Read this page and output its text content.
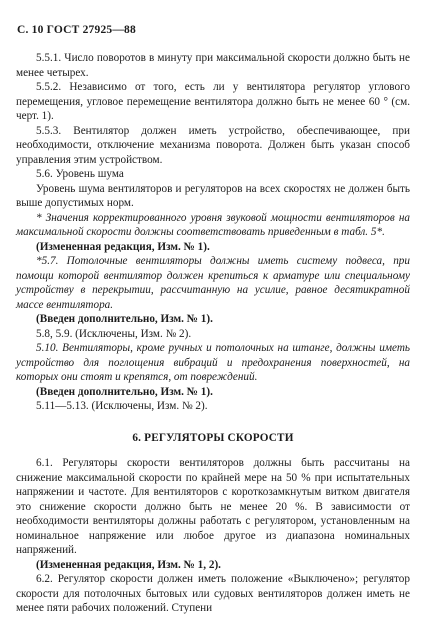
С. 10 ГОСТ 27925—88

5.5.1. Число поворотов в минуту при максимальной скорости должно быть не менее четырех.

5.5.2. Независимо от того, есть ли у вентилятора регулятор углового перемещения, угловое перемещение вентилятора должно быть не менее 60 ° (см. черт. 1).

5.5.3. Вентилятор должен иметь устройство, обеспечивающее, при необходимости, отключение механизма поворота. Должен быть указан способ управления этим устройством.

5.6. Уровень шума

Уровень шума вентиляторов и регуляторов на всех скоростях не должен быть выше допустимых норм.

* Значения корректированного уровня звуковой мощности вентиляторов на максимальной скорости должны соответствовать приведенным в табл. 5*.

(Измененная редакция, Изм. № 1).

*5.7. Потолочные вентиляторы должны иметь систему подвеса, при помощи которой вентилятор должен крепиться к арматуре или специальному устройству в перекрытии, рассчитанную на усилие, равное десятикратной массе вентилятора.

(Введен дополнительно, Изм. № 1).

5.8, 5.9. (Исключены, Изм. № 2).

5.10. Вентиляторы, кроме ручных и потолочных на штанге, должны иметь устройство для поглощения вибраций и предохранения поверхностей, на которых они стоят и крепятся, от повреждений.

(Введен дополнительно, Изм. № 1).

5.11—5.13. (Исключены, Изм. № 2).

6. РЕГУЛЯТОРЫ СКОРОСТИ

6.1. Регуляторы скорости вентиляторов должны быть рассчитаны на снижение максимальной скорости по крайней мере на 50 % при испытательных напряжении и частоте. Для вентиляторов с короткозамкнутым витком двигателя это снижение скорости должно быть не менее 20 %. В зависимости от необходимости вентиляторы должны работать с регулятором, установленным на номинальное напряжение или любое другое из диапазона номинальных напряжений.

(Измененная редакция, Изм. № 1, 2).

6.2. Регулятор скорости должен иметь положение «Выключено»; регулятор скорости для потолочных бытовых или судовых вентиляторов должен иметь не менее пяти рабочих положений. Ступени
